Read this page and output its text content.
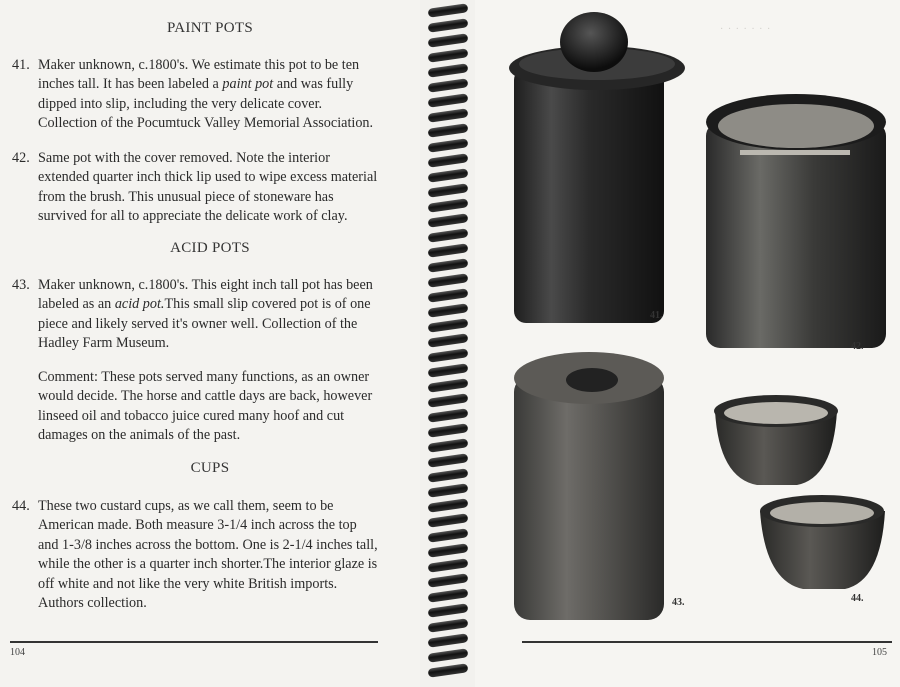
PAINT POTS
41. Maker unknown, c.1800's. We estimate this pot to be ten inches tall. It has been labeled a paint pot and was fully dipped into slip, including the very delicate cover. Collection of the Pocumtuck Valley Memorial Association.
42. Same pot with the cover removed. Note the interior extended quarter inch thick lip used to wipe excess material from the brush. This unusual piece of stoneware has survived for all to appreciate the delicate work of clay.
ACID POTS
43. Maker unknown, c.1800's. This eight inch tall pot has been labeled as an acid pot.This small slip covered pot is of one piece and likely served it's owner well. Collection of the Hadley Farm Museum.
Comment: These pots served many functions, as an owner would decide. The horse and cattle days are back, however linseed oil and tobacco juice cured many hoof and cut damages on the animals of the past.
CUPS
44. These two custard cups, as we call them, seem to be American made. Both measure 3-1/4 inch across the top and 1-3/8 inches across the bottom. One is 2-1/4 inches tall, while the other is a quarter inch shorter.The interior glaze is off white and not like the very white British imports. Authors collection.
104
· · · · · · ·
41.
42.
43.	44.
105
